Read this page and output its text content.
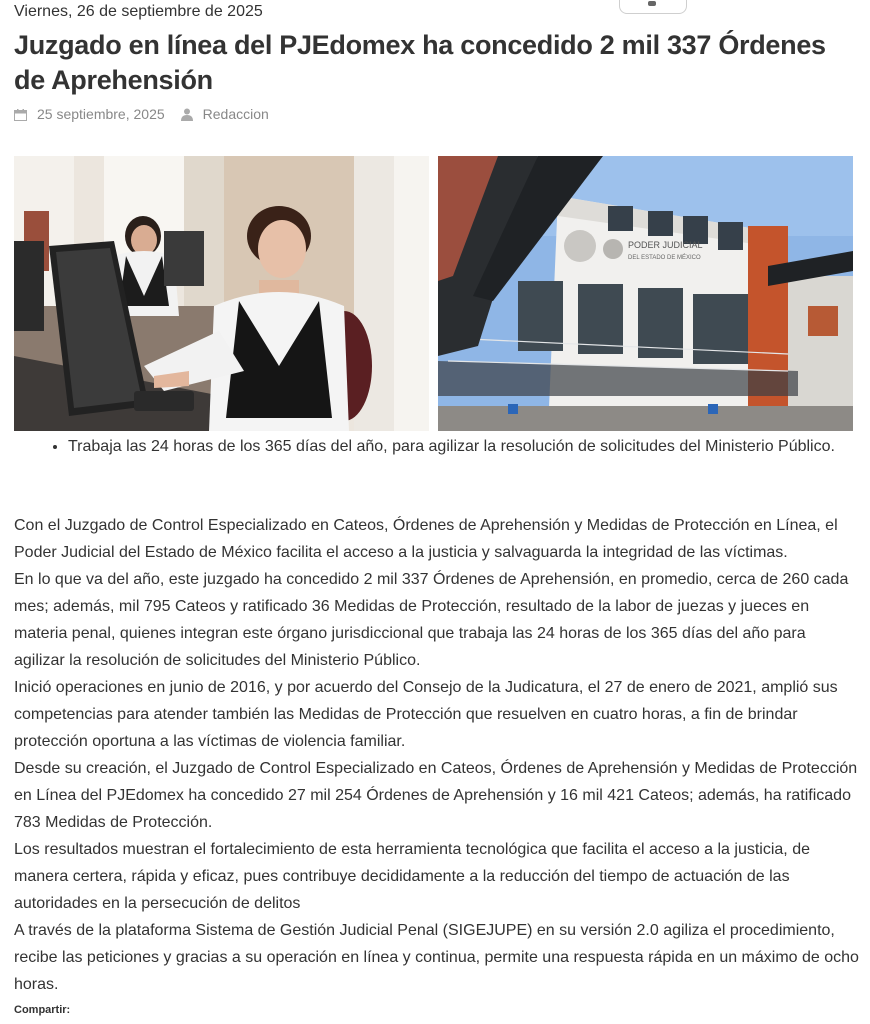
Viernes, 26 de septiembre de 2025
Juzgado en línea del PJEdomex ha concedido 2 mil 337 Órdenes de Aprehensión
25 septiembre, 2025	Redaccion
PODER JUDICIAL
DEL ESTADO DE MÉXICO
• Trabaja las 24 horas de los 365 días del año, para agilizar la resolución de solicitudes del Ministerio Público.

Con el Juzgado de Control Especializado en Cateos, Órdenes de Aprehensión y Medidas de Protección en Línea, el Poder Judicial del Estado de México facilita el acceso a la justicia y salvaguarda la integridad de las víctimas.

En lo que va del año, este juzgado ha concedido 2 mil 337 Órdenes de Aprehensión, en promedio, cerca de 260 cada mes; además, mil 795 Cateos y ratificado 36 Medidas de Protección, resultado de la labor de juezas y jueces en materia penal, quienes integran este órgano jurisdiccional que trabaja las 24 horas de los 365 días del año para agilizar la resolución de solicitudes del Ministerio Público.

Inició operaciones en junio de 2016, y por acuerdo del Consejo de la Judicatura, el 27 de enero de 2021, amplió sus competencias para atender también las Medidas de Protección que resuelven en cuatro horas, a fin de brindar protección oportuna a las víctimas de violencia familiar.

Desde su creación, el Juzgado de Control Especializado en Cateos, Órdenes de Aprehensión y Medidas de Protección en Línea del PJEdomex ha concedido 27 mil 254 Órdenes de Aprehensión y 16 mil 421 Cateos; además, ha ratificado 783 Medidas de Protección.

Los resultados muestran el fortalecimiento de esta herramienta tecnológica que facilita el acceso a la justicia, de manera certera, rápida y eficaz, pues contribuye decididamente a la reducción del tiempo de actuación de las autoridades en la persecución de delitos

A través de la plataforma Sistema de Gestión Judicial Penal (SIGEJUPE) en su versión 2.0 agiliza el procedimiento, recibe las peticiones y gracias a su operación en línea y continua, permite una respuesta rápida en un máximo de ocho horas.

Compartir:
